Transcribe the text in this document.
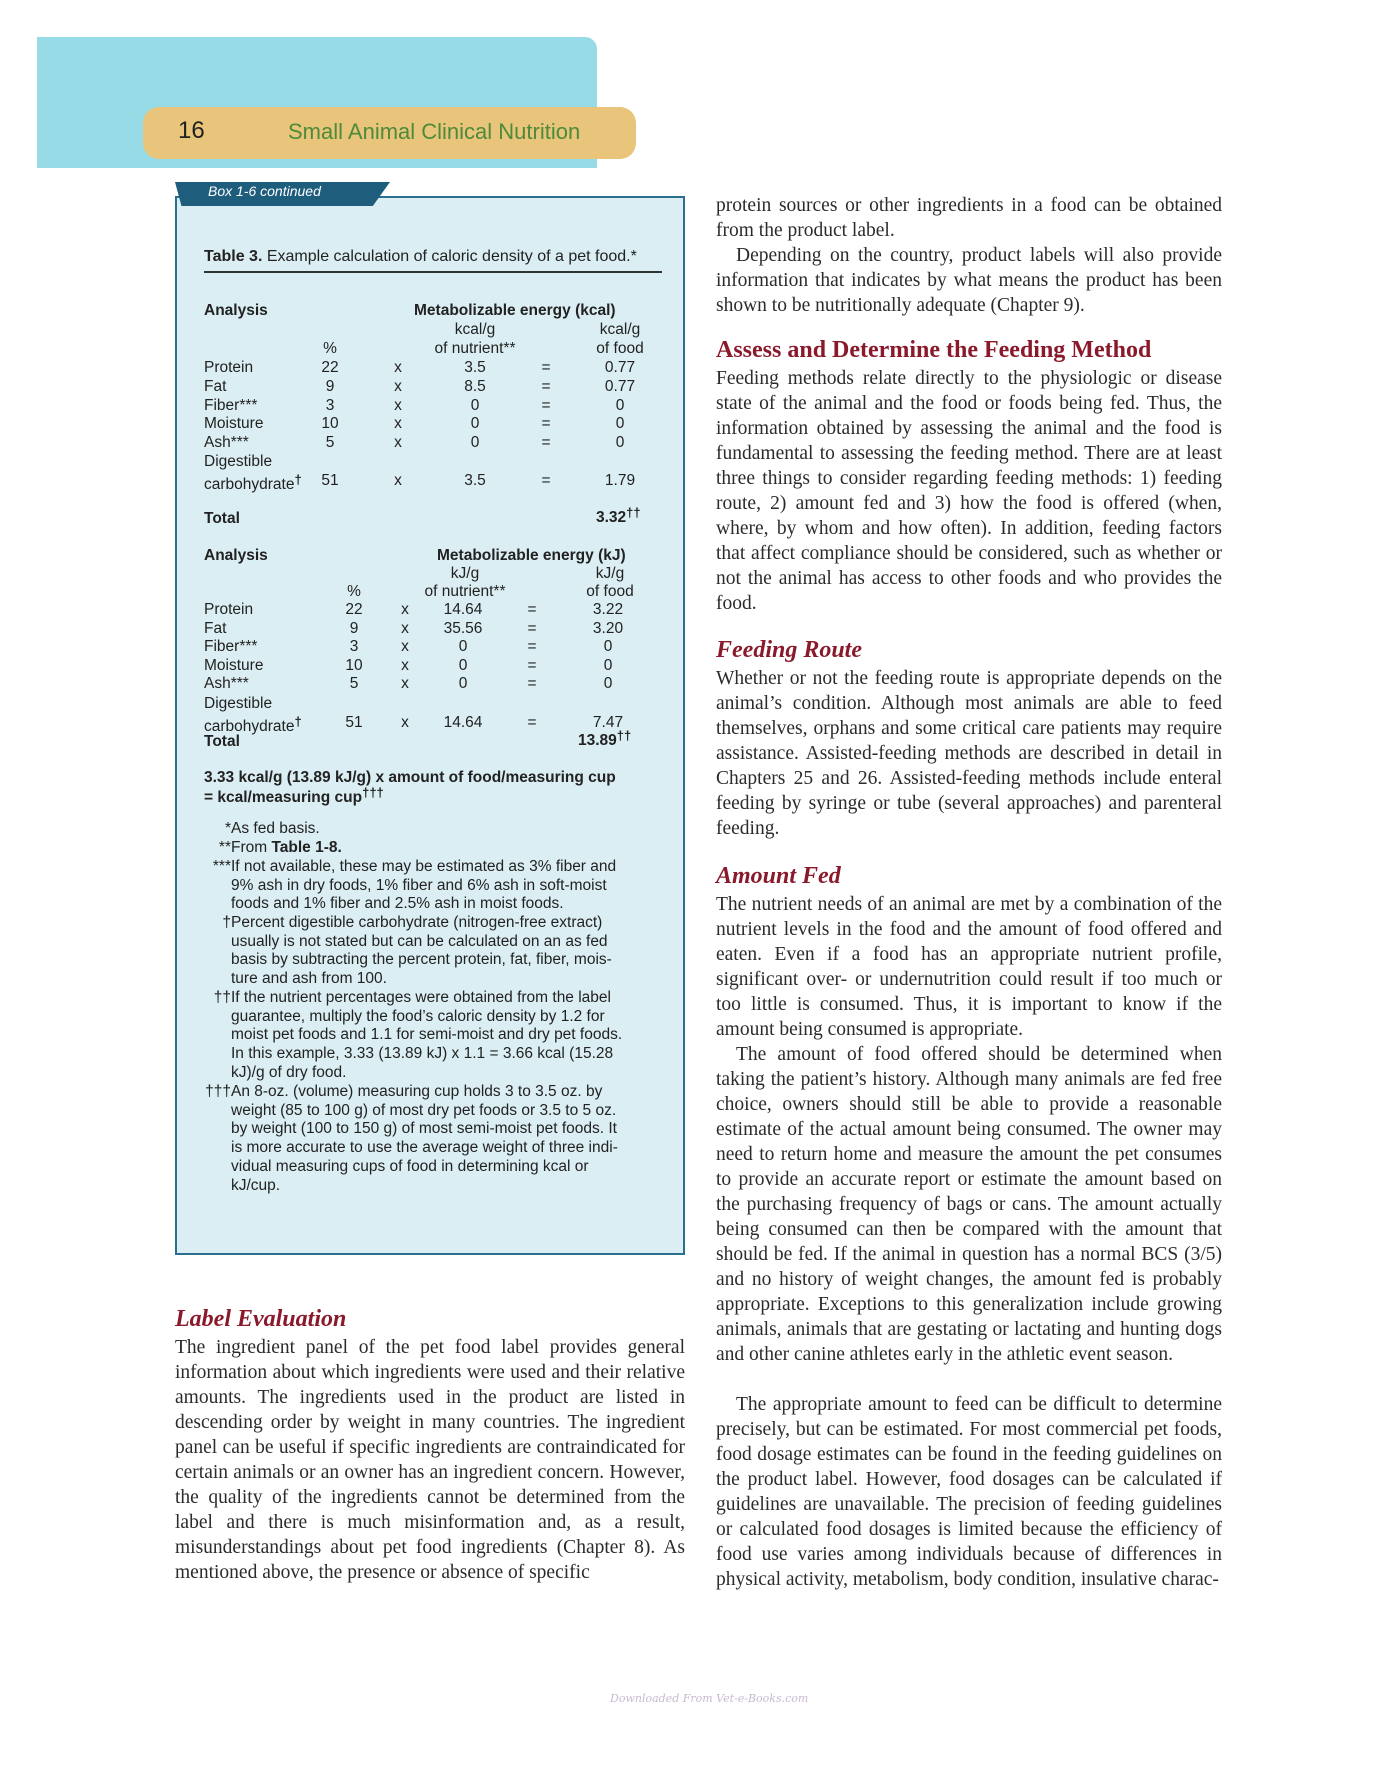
16	Small Animal Clinical Nutrition
Box 1-6 continued
Table 3. Example calculation of caloric density of a pet food.*
Analysis	Metabolizable energy (kcal)
kcal/g
of nutrient**
kcal/g
of food
%
Protein	22	x	3.5	=	0.77
Fat	9	x	8.5	=	0.77
Fiber***	3	x	0	=	0
Moisture	10	x	0	=	0
Ash***	5	x	0	=	0
Digestible
carbohydrate†	51	x	3.5	=	1.79
Total	3.32††
Analysis	Metabolizable energy (kJ)
kJ/g
of nutrient**
kJ/g
of food
%
Protein	22	x	14.64	=	3.22
Fat	9	x	35.56	=	3.20
Fiber***	3	x	0	=	0
Moisture	10	x	0	=	0
Ash***	5	x	0	=	0
Digestible
carbohydrate†	51	x	14.64	=	7.47
Total	13.89††
3.33 kcal/g (13.89 kJ/g) x amount of food/measuring cup
= kcal/measuring cup†††
* As fed basis.
** From Table 1-8.
*** If not available, these may be estimated as 3% fiber and
9% ash in dry foods, 1% fiber and 6% ash in soft-moist
foods and 1% fiber and 2.5% ash in moist foods.
† Percent digestible carbohydrate (nitrogen-free extract)
usually is not stated but can be calculated on an as fed
basis by subtracting the percent protein, fat, fiber, mois-
ture and ash from 100.
†† If the nutrient percentages were obtained from the label
guarantee, multiply the food’s caloric density by 1.2 for
moist pet foods and 1.1 for semi-moist and dry pet foods.
In this example, 3.33 (13.89 kJ) x 1.1 = 3.66 kcal (15.28
kJ)/g of dry food.
††† An 8-oz. (volume) measuring cup holds 3 to 3.5 oz. by
weight (85 to 100 g) of most dry pet foods or 3.5 to 5 oz.
by weight (100 to 150 g) of most semi-moist pet foods. It
is more accurate to use the average weight of three indi-
vidual measuring cups of food in determining kcal or
kJ/cup.
Label Evaluation
The ingredient panel of the pet food label provides general information about which ingredients were used and their relative amounts. The ingredients used in the product are listed in descending order by weight in many countries. The ingredient panel can be useful if specific ingredients are contraindicated for certain animals or an owner has an ingredient concern. However, the quality of the ingredients cannot be determined from the label and there is much misinformation and, as a result, misunderstandings about pet food ingredients (Chapter 8). As mentioned above, the presence or absence of specific
protein sources or other ingredients in a food can be obtained from the product label.
Depending on the country, product labels will also provide information that indicates by what means the product has been shown to be nutritionally adequate (Chapter 9).
Assess and Determine the Feeding Method
Feeding methods relate directly to the physiologic or disease state of the animal and the food or foods being fed. Thus, the information obtained by assessing the animal and the food is fundamental to assessing the feeding method. There are at least three things to consider regarding feeding methods: 1) feeding route, 2) amount fed and 3) how the food is offered (when, where, by whom and how often). In addition, feeding factors that affect compliance should be considered, such as whether or not the animal has access to other foods and who provides the food.
Feeding Route
Whether or not the feeding route is appropriate depends on the animal’s condition. Although most animals are able to feed themselves, orphans and some critical care patients may require assistance. Assisted-feeding methods are described in detail in Chapters 25 and 26. Assisted-feeding methods include enteral feeding by syringe or tube (several approaches) and parenteral feeding.
Amount Fed
The nutrient needs of an animal are met by a combination of the nutrient levels in the food and the amount of food offered and eaten. Even if a food has an appropriate nutrient profile, significant over- or undernutrition could result if too much or too little is consumed. Thus, it is important to know if the amount being consumed is appropriate.
The amount of food offered should be determined when taking the patient’s history. Although many animals are fed free choice, owners should still be able to provide a reasonable estimate of the actual amount being consumed. The owner may need to return home and measure the amount the pet consumes to provide an accurate report or estimate the amount based on the purchasing frequency of bags or cans. The amount actually being consumed can then be compared with the amount that should be fed. If the animal in question has a normal BCS (3/5) and no history of weight changes, the amount fed is probably appropriate. Exceptions to this generalization include growing animals, animals that are gestating or lactating and hunting dogs and other canine athletes early in the athletic event season.
The appropriate amount to feed can be difficult to determine precisely, but can be estimated. For most commercial pet foods, food dosage estimates can be found in the feeding guidelines on the product label. However, food dosages can be calculated if guidelines are unavailable. The precision of feeding guidelines or calculated food dosages is limited because the efficiency of food use varies among individuals because of differences in physical activity, metabolism, body condition, insulative charac-
Downloaded From Vet-e-Books.com
